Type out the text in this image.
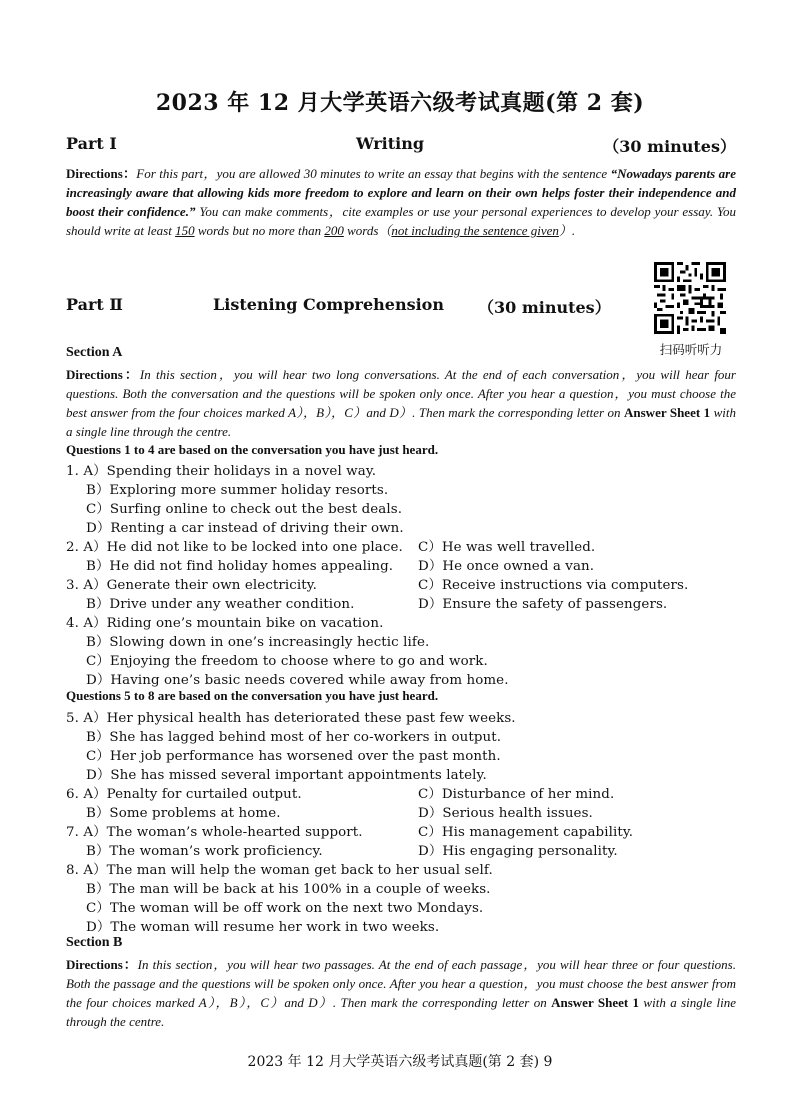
2023 年 12 月大学英语六级考试真题(第 2 套)
Part Ⅰ	Writing	（30 minutes）
Directions：For this part，you are allowed 30 minutes to write an essay that begins with the sentence “Nowadays parents are increasingly aware that allowing kids more freedom to explore and learn on their own helps foster their independence and boost their confidence.” You can make comments，cite examples or use your personal experiences to develop your essay. You should write at least 150 words but no more than 200 words（not including the sentence given）.
Part Ⅱ	Listening Comprehension （30 minutes）
扫码听听力
Section A
Directions：In this section，you will hear two long conversations. At the end of each conversation，you will hear four questions. Both the conversation and the questions will be spoken only once. After you hear a question，you must choose the best answer from the four choices marked A），B），C）and D）. Then mark the corresponding letter on Answer Sheet 1 with a single line through the centre.
Questions 1 to 4 are based on the conversation you have just heard.
1. A）Spending their holidays in a novel way.
B）Exploring more summer holiday resorts.
C）Surfing online to check out the best deals.
D）Renting a car instead of driving their own.
2. A）He did not like to be locked into one place. C）He was well travelled.
B）He did not find holiday homes appealing. D）He once owned a van.
3. A）Generate their own electricity.	C）Receive instructions via computers.
B）Drive under any weather condition.	D）Ensure the safety of passengers.
4. A）Riding one’s mountain bike on vacation.
B）Slowing down in one’s increasingly hectic life.
C）Enjoying the freedom to choose where to go and work.
D）Having one’s basic needs covered while away from home.
Questions 5 to 8 are based on the conversation you have just heard.
5. A）Her physical health has deteriorated these past few weeks.
B）She has lagged behind most of her co-workers in output.
C）Her job performance has worsened over the past month.
D）She has missed several important appointments lately.
6. A）Penalty for curtailed output.	C）Disturbance of her mind.
B）Some problems at home.	D）Serious health issues.
7. A）The woman’s whole-hearted support.	C）His management capability.
B）The woman’s work proficiency.	D）His engaging personality.
8. A）The man will help the woman get back to her usual self.
B）The man will be back at his 100% in a couple of weeks.
C）The woman will be off work on the next two Mondays.
D）The woman will resume her work in two weeks.
Section B
Directions：In this section，you will hear two passages. At the end of each passage，you will hear three or four questions. Both the passage and the questions will be spoken only once. After you hear a question，you must choose the best answer from the four choices marked A），B），C）and D）. Then mark the corresponding letter on Answer Sheet 1 with a single line through the centre.
2023 年 12 月大学英语六级考试真题(第 2 套) 9
